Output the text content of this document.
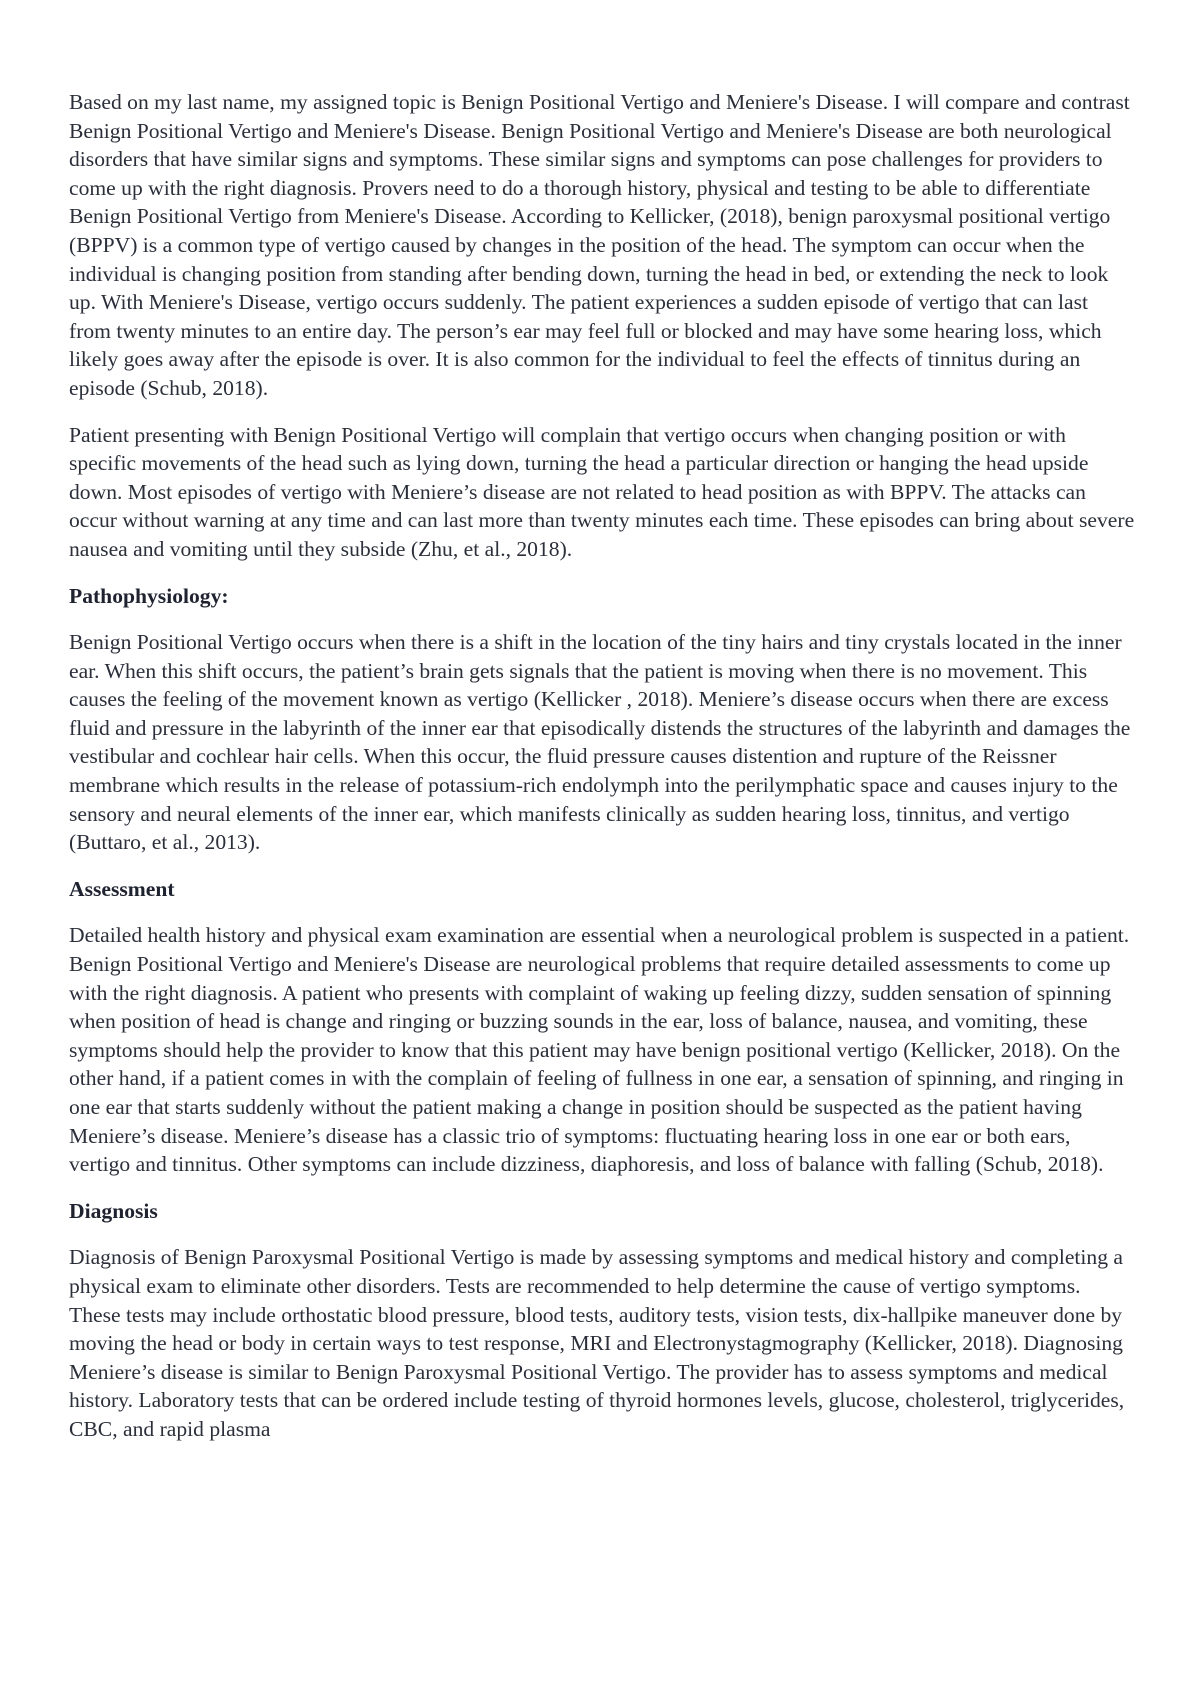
Based on my last name, my assigned topic is Benign Positional Vertigo and Meniere's Disease. I will compare and contrast Benign Positional Vertigo and Meniere's Disease. Benign Positional Vertigo and Meniere's Disease are both neurological disorders that have similar signs and symptoms. These similar signs and symptoms can pose challenges for providers to come up with the right diagnosis. Provers need to do a thorough history, physical and testing to be able to differentiate Benign Positional Vertigo from Meniere's Disease. According to Kellicker, (2018), benign paroxysmal positional vertigo (BPPV) is a common type of vertigo caused by changes in the position of the head. The symptom can occur when the individual is changing position from standing after bending down, turning the head in bed, or extending the neck to look up. With Meniere's Disease, vertigo occurs suddenly. The patient experiences a sudden episode of vertigo that can last from twenty minutes to an entire day. The person’s ear may feel full or blocked and may have some hearing loss, which likely goes away after the episode is over. It is also common for the individual to feel the effects of tinnitus during an episode (Schub, 2018).

Patient presenting with Benign Positional Vertigo will complain that vertigo occurs when changing position or with specific movements of the head such as lying down, turning the head a particular direction or hanging the head upside down. Most episodes of vertigo with Meniere’s disease are not related to head position as with BPPV. The attacks can occur without warning at any time and can last more than twenty minutes each time. These episodes can bring about severe nausea and vomiting until they subside (Zhu, et al., 2018).

Pathophysiology:

Benign Positional Vertigo occurs when there is a shift in the location of the tiny hairs and tiny crystals located in the inner ear. When this shift occurs, the patient’s brain gets signals that the patient is moving when there is no movement. This causes the feeling of the movement known as vertigo (Kellicker , 2018). Meniere’s disease occurs when there are excess fluid and pressure in the labyrinth of the inner ear that episodically distends the structures of the labyrinth and damages the vestibular and cochlear hair cells. When this occur, the fluid pressure causes distention and rupture of the Reissner membrane which results in the release of potassium-rich endolymph into the perilymphatic space and causes injury to the sensory and neural elements of the inner ear, which manifests clinically as sudden hearing loss, tinnitus, and vertigo (Buttaro, et al., 2013).

Assessment

Detailed health history and physical exam examination are essential when a neurological problem is suspected in a patient. Benign Positional Vertigo and Meniere's Disease are neurological problems that require detailed assessments to come up with the right diagnosis. A patient who presents with complaint of waking up feeling dizzy, sudden sensation of spinning when position of head is change and ringing or buzzing sounds in the ear, loss of balance, nausea, and vomiting, these symptoms should help the provider to know that this patient may have benign positional vertigo (Kellicker, 2018). On the other hand, if a patient comes in with the complain of feeling of fullness in one ear, a sensation of spinning, and ringing in one ear that starts suddenly without the patient making a change in position should be suspected as the patient having Meniere’s disease. Meniere’s disease has a classic trio of symptoms: fluctuating hearing loss in one ear or both ears, vertigo and tinnitus. Other symptoms can include dizziness, diaphoresis, and loss of balance with falling (Schub, 2018).

Diagnosis

Diagnosis of Benign Paroxysmal Positional Vertigo is made by assessing symptoms and medical history and completing a physical exam to eliminate other disorders. Tests are recommended to help determine the cause of vertigo symptoms. These tests may include orthostatic blood pressure, blood tests, auditory tests, vision tests, dix-hallpike maneuver done by moving the head or body in certain ways to test response, MRI and Electronystagmography (Kellicker, 2018). Diagnosing Meniere’s disease is similar to Benign Paroxysmal Positional Vertigo. The provider has to assess symptoms and medical history. Laboratory tests that can be ordered include testing of thyroid hormones levels, glucose, cholesterol, triglycerides, CBC, and rapid plasma
